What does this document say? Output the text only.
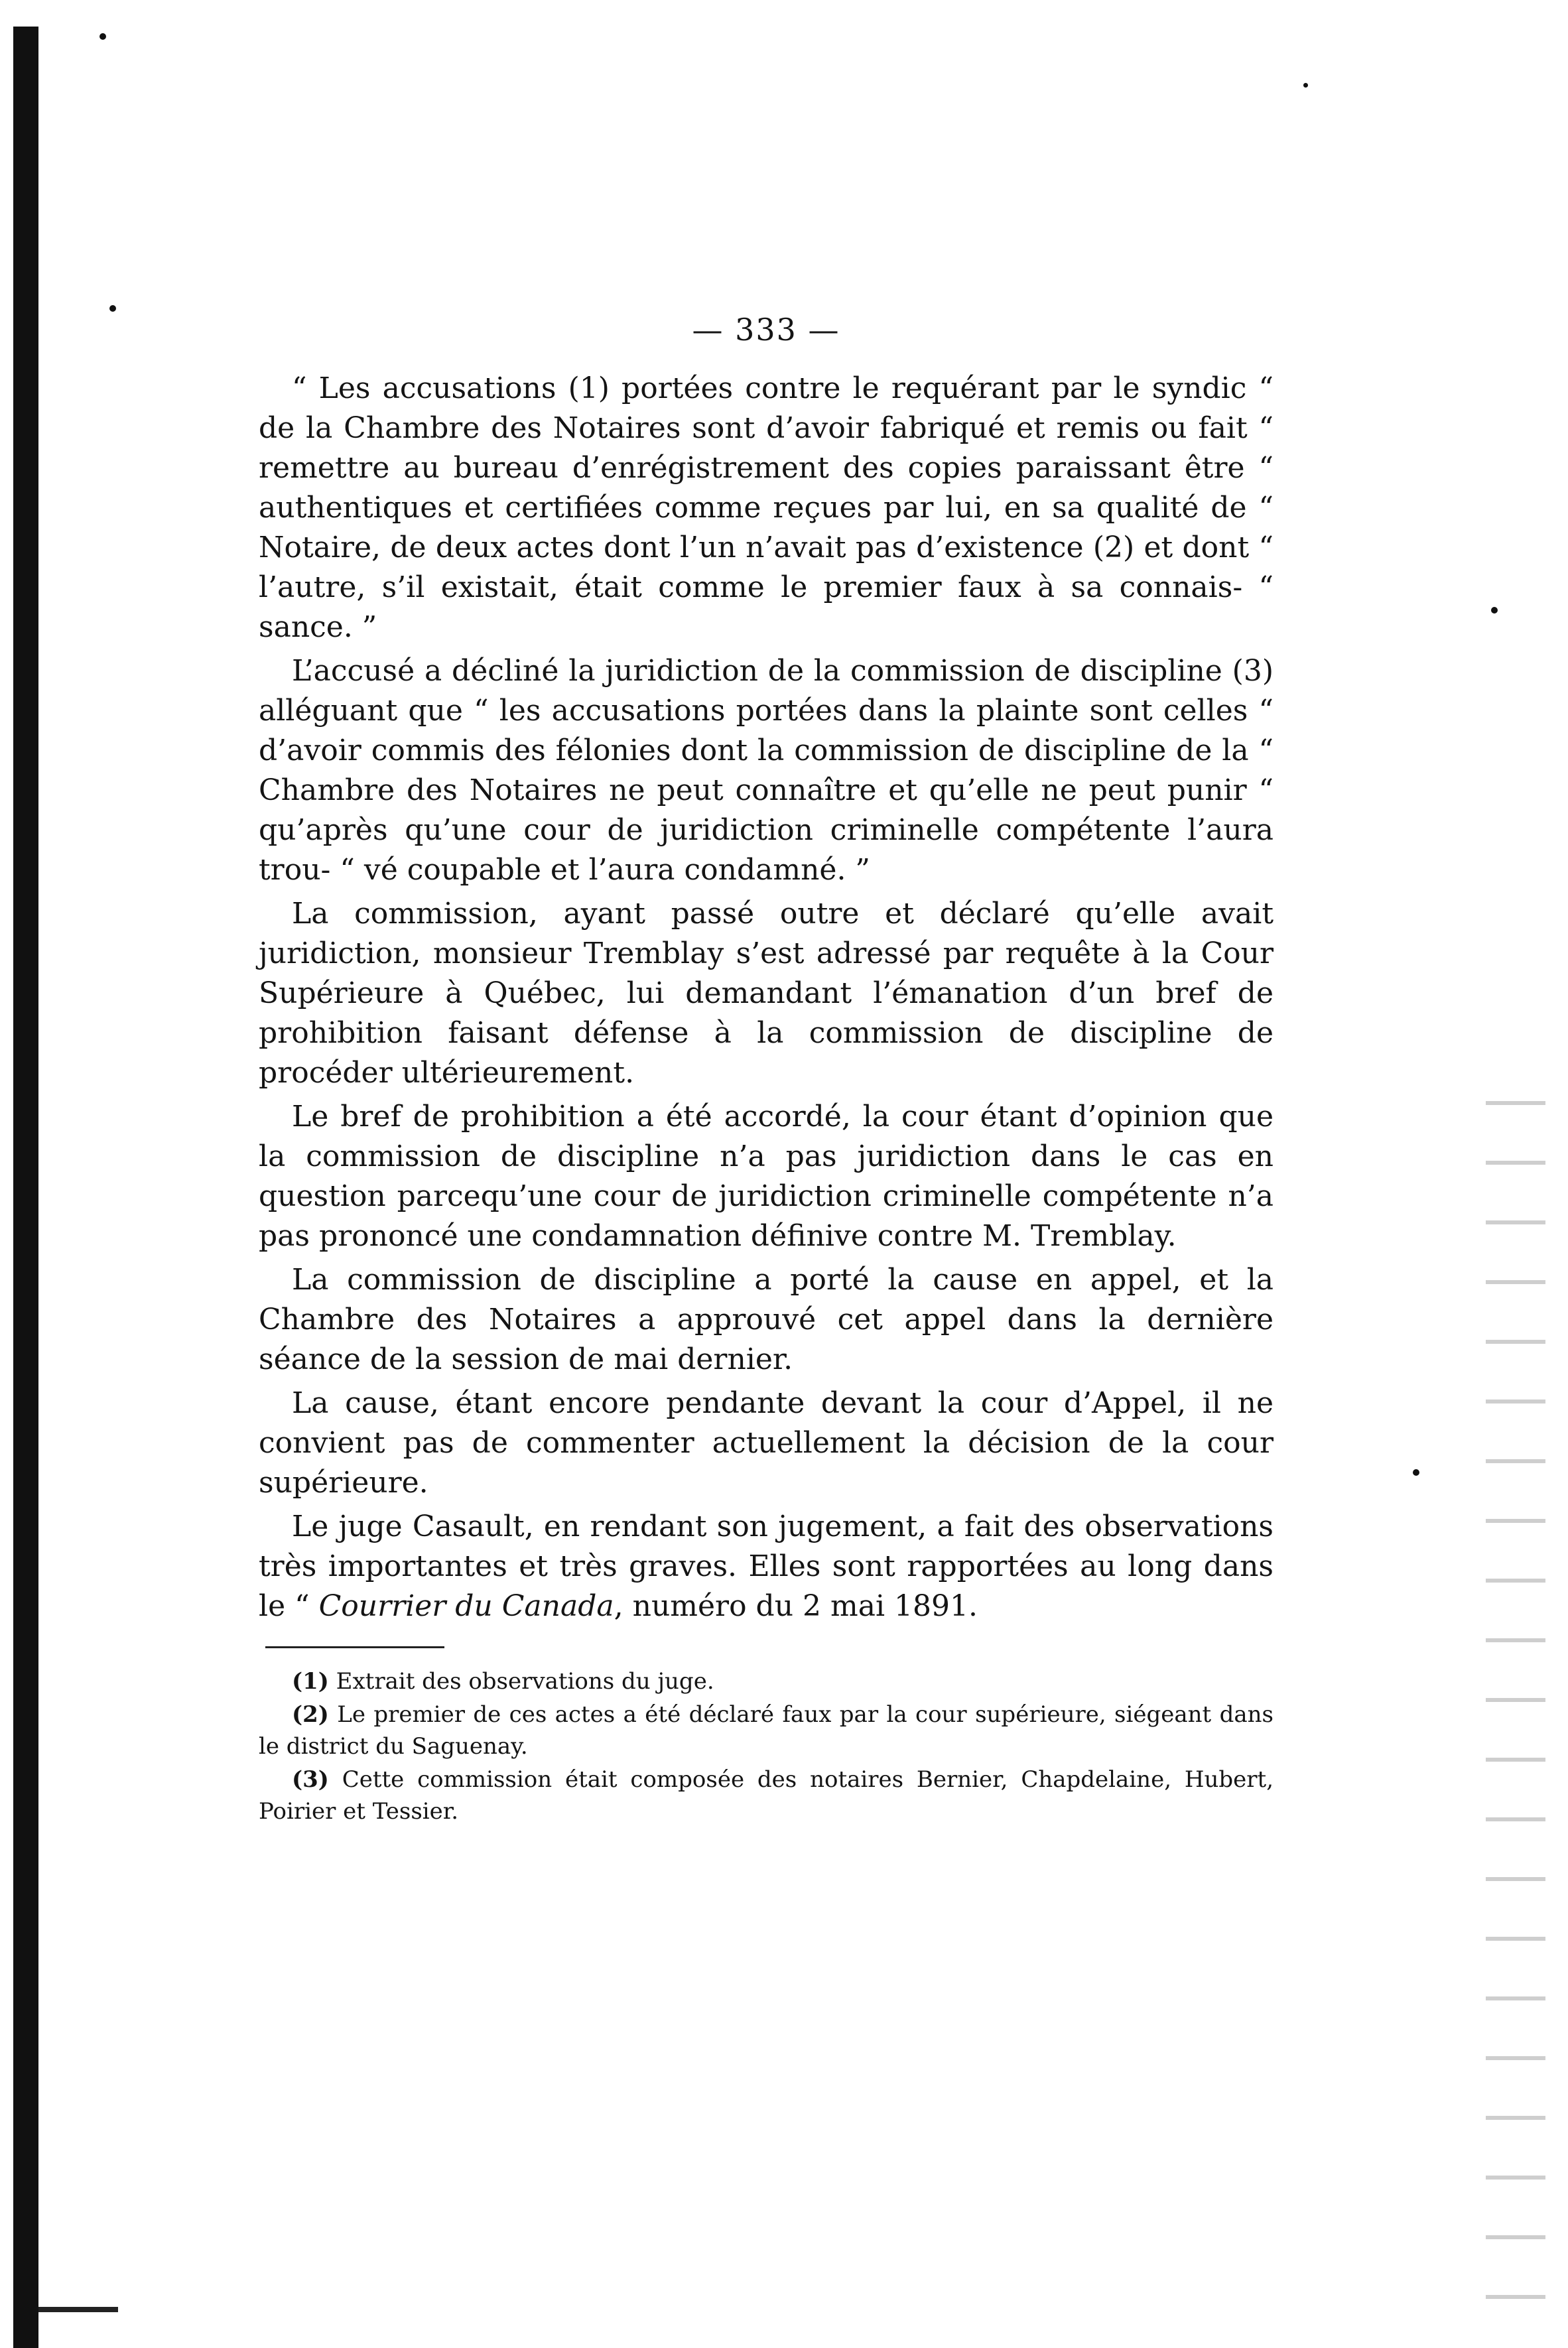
— 333 —

“ Les accusations (1) portées contre le requérant par le syndic “ de la Chambre des Notaires sont d’avoir fabriqué et remis ou fait “ remettre au bureau d’enrégistrement des copies paraissant être “ authentiques et certifiées comme reçues par lui, en sa qualité de “ Notaire, de deux actes dont l’un n’avait pas d’existence (2) et dont “ l’autre, s’il existait, était comme le premier faux à sa connais- “ sance. ”

L’accusé a décliné la juridiction de la commission de discipline (3) alléguant que “ les accusations portées dans la plainte sont celles “ d’avoir commis des félonies dont la commission de discipline de la “ Chambre des Notaires ne peut connaître et qu’elle ne peut punir “ qu’après qu’une cour de juridiction criminelle compétente l’aura trou- “ vé coupable et l’aura condamné. ”

La commission, ayant passé outre et déclaré qu’elle avait juridiction, monsieur Tremblay s’est adressé par requête à la Cour Supérieure à Québec, lui demandant l’émanation d’un bref de prohibition faisant défense à la commission de discipline de procéder ultérieurement.

Le bref de prohibition a été accordé, la cour étant d’opinion que la commission de discipline n’a pas juridiction dans le cas en question parcequ’une cour de juridiction criminelle compétente n’a pas prononcé une condamnation définive contre M. Tremblay.

La commission de discipline a porté la cause en appel, et la Chambre des Notaires a approuvé cet appel dans la dernière séance de la session de mai dernier.

La cause, étant encore pendante devant la cour d’Appel, il ne convient pas de commenter actuellement la décision de la cour supérieure.

Le juge Casault, en rendant son jugement, a fait des observations très importantes et très graves. Elles sont rapportées au long dans le “ Courrier du Canada, numéro du 2 mai 1891.

(1) Extrait des observations du juge.
(2) Le premier de ces actes a été déclaré faux par la cour supérieure, siégeant dans le district du Saguenay.
(3) Cette commission était composée des notaires Bernier, Chapdelaine, Hubert, Poirier et Tessier.
